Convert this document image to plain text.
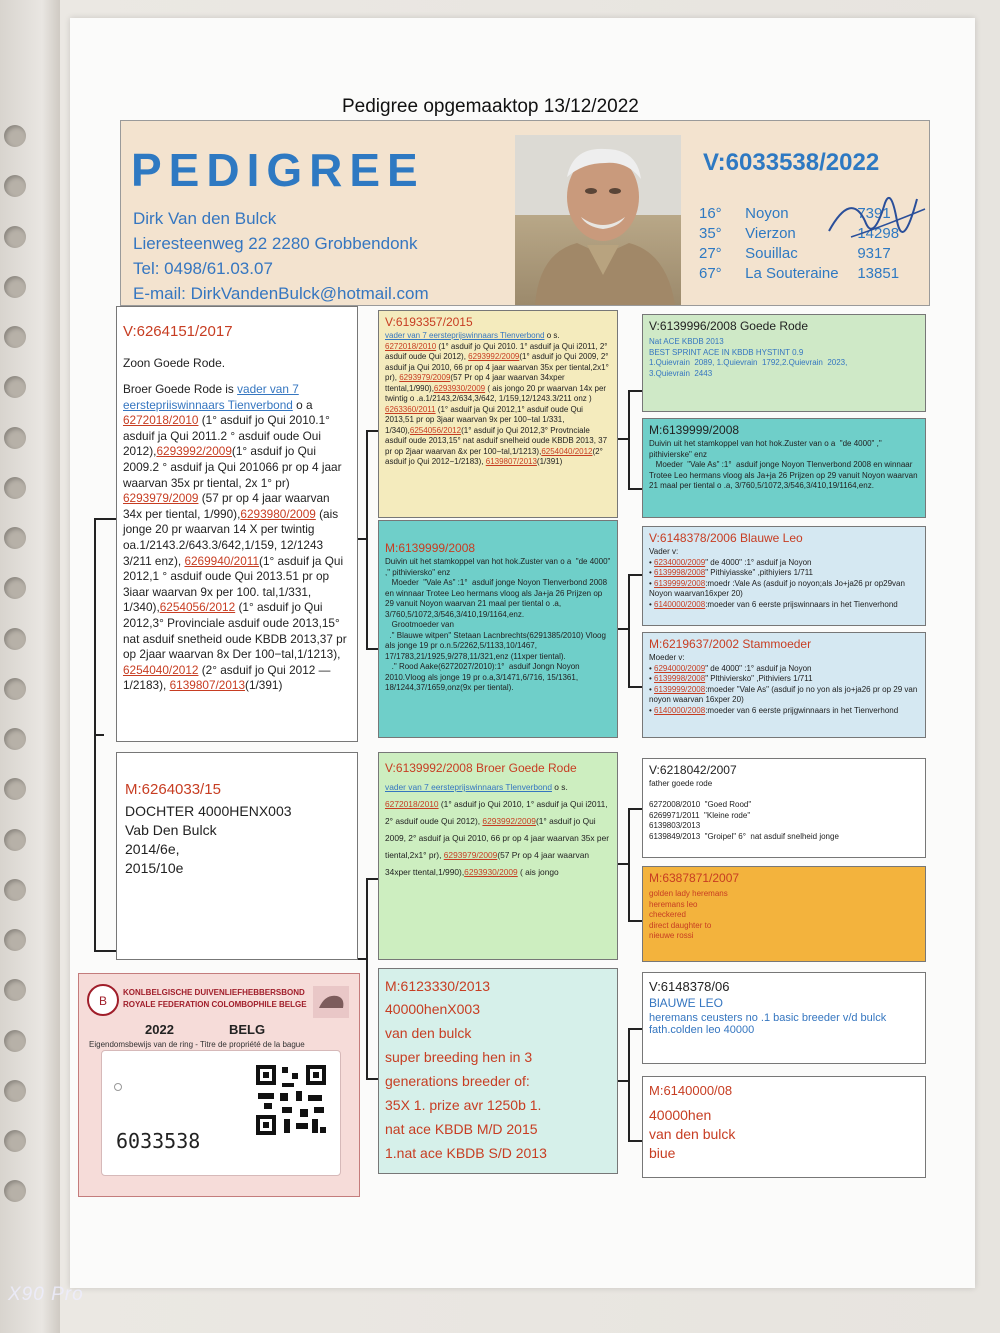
Pedigree opgemaaktop 13/12/2022
PEDIGREE
Dirk Van den Bulck
Lieresteenweg 22 2280 Grobbendonk
Tel: 0498/61.03.07
E-mail: DirkVandenBulck@hotmail.com
V:6033538/2022
16° Noyon	7391
35° Vierzon	14298
27° Souillac	9317
67° La Souteraine 13851
V:6264151/2017
Zoon Goede Rode.
Broer Goede Rode is vader van 7 eerstepriiswinnaars Tienverbond o a 6272018/2010 (1° asduif jo Qui 2010.1° asduif ja Qui 2011.2 ° asduif oude Oui 2012),6293992/2009(1° asduif jo Qui 2009.2 ° asduif ja Qui 201066 pr op 4 jaar waarvan 35x pr tiental, 2x 1° pr) 6293979/2009 (57 pr op 4 jaar waarvan 34x per tiental, 1/990),6293980/2009 (ais jonge 20 pr waarvan 14 X per twintig oa.1/2143.2/643.3/642,1/159, 12/1243 3/211 enz), 6269940/2011(1° asduif ja Qui 2012,1 ° asduif oude Qui 2013.51 pr op 3iaar waarvan 9x per 100. tal,1/331, 1/340),6254056/2012 (1° asduif jo Qui 2012,3° Provinciale asduif oude 2013,15° nat asduif snetheid oude KBDB 2013,37 pr op 2jaar waarvan 8x Der 100−tal,1/1213), 6254040/2012 (2° asduif jo Qui 2012 — 1/2183), 6139807/2013(1/391)
M:6264033/15
DOCHTER 4000HENX003
Vab Den Bulck
2014/6e,
2015/10e
V:6193357/2015
vader van 7 eersteprijswinnaars Tlenverbond o s. 6272018/2010 (1° asduif jo Qui 2010. 1° asduif ja Qui i2011, 2° asduif oude Qui 2012), 6293992/2009(1° asduif jo Qui 2009, 2° asduif ja Qui 2010, 66 pr op 4 jaar waarvan 35x per tiental,2x1° pr), 6293979/2009(57 Pr op 4 jaar waarvan 34xper ttental,1/990),6293930/2009 ( ais jongo 20 pr waarvan 14x per twintig o .a.1/2143,2/634,3/642, 1/159,12/1243.3/211 onz ) 6263360/2011 (1° asduif ja Qui 2012,1° asduif oude Qui 2013,51 pr op 3jaar waarvan 9x per 100−tal 1/331, 1/340),6254056/2012(1° asduif jo Qui 2012,3° Provtnciale asduif oude 2013,15° nat asduif snelheid oude KBDB 2013, 37 pr op 2jaar waarvan &x per 100−tal,1/1213),6254040/2012(2° asduif jo Qui 2012−1/2183), 6139807/2013(1/391)
M:6139999/2008
Duivin uit het stamkoppel van hot hok.Zuster van o a  "de 4000" ," pithiviersko" enz
Moeder  "Vale As" :1°  asduif jonge Noyon Tlenverbond 2008 en winnaar Trotee Leo hermans vloog als Ja+ja 26 Prijzen op 29 vanuit Noyon waarvan 21 maal per tiental o .a, 3/760,5/1072,3/546,3/410,19/1164,enz.
Grootmoeder van
." Blauwe witpen" Stetaan Lacnbrechts(6291385/2010) Vloog als jonge 19 pr o.n.5/2262,5/1133,10/1467, 17/1783,21/1925,9/278,11/321,enz (11xper tiental).
." Rood Aake(6272027/2010):1°  asduif Jongn Noyon 2010.Vloog als jonge 19 pr o.a,3/1471,6/716, 15/1361, 18/1244,37/1659,onz(9x per tiental).
V:6139992/2008 Broer Goede Rode
vader van 7 eersteprijswinnaars Tlenverbond o s. 6272018/2010 (1° asduif jo Qui 2010, 1° asduif ja Qui i2011, 2° asduif oude Qui 2012), 6293992/2009(1° asduif jo Qui 2009, 2° asduif ja Qui 2010, 66 pr op 4 jaar waarvan 35x per tiental,2x1° pr), 6293979/2009(57 Pr op 4 jaar waarvan 34xper ttental,1/990),6293930/2009 ( ais jongo
M:6123330/2013
40000henX003
van den bulck
super breeding hen in 3
generations breeder of:
35X 1. prize avr 1250b 1.
nat ace KBDB M/D 2015
1.nat ace KBDB S/D 2013
V:6139996/2008 Goede Rode
Nat ACE KBDB 2013
BEST SPRINT ACE IN KBDB HYSTINT 0.9
1.Quievrain  2089, 1.Quievrain  1792,2.Quievrain  2023,
3.Quievrain  2443
M:6139999/2008
Duivin uit het stamkoppel van hot hok.Zuster van o a  "de 4000" ," pithivierske" enz
Moeder  "Vale As" :1°  asduif jonge Noyon Tlenverbond 2008 en winnaar Trotee Leo hermans vloog als Ja+ja 26 Prijzen op 29 vanuit Noyon waarvan 21 maal per tiental o .a, 3/760,5/1072,3/546,3/410,19/1164,enz.
V:6148378/2006 Blauwe Leo
Vader v:
• 6234000/2009" de 4000" :1° asduif ja Noyon
• 6139998/2008" Pithiyiasske" ,pithiyiers 1/711
• 6139999/2008:moedr :Vale As (asduif jo noyon;als Jo+ja26 pr op29van Noyon waarvan16xper 20)
• 6140000/2008:moeder van 6 eerste prijswinnaars in het Tienverhond
M:6219637/2002 Stammoeder
Moeder v:
• 6294000/2009" de 4000" :1° asduif ja Noyon
• 6139998/2008" Plthiviersko" ,Pithiviers 1/711
• 6139999/2008:moeder "Vale As" (asduif jo no yon als jo+ja26 pr op 29 van noyon waarvan 16xper 20)
• 6140000/2008:moeder van 6 eerste prijgwinnaars in het Tienverhond
V:6218042/2007
father goede rode

6272008/2010  "Goed Rood"
6269971/2011  "Kleine rode"
6139803/2013
6139849/2013  "Groipel" 6°  nat asduif snelheid jonge
M:6387871/2007
golden lady heremans
heremans leo
checkered
direct daughter to
nieuwe rossi
V:6148378/06
BlAUWE LEO
heremans ceusters no .1 basic breeder v/d bulck
fath.colden leo 40000
M:6140000/08
40000hen
van den bulck
biue
B
KONLBELGISCHE DUIVENLIEFHEBBERSBOND
ROYALE FEDERATION COLOMBOPHILE BELGE
2022	BELG
Eigendomsbewijs van de ring - Titre de propriété de la bague
6033538
X90 Pro
